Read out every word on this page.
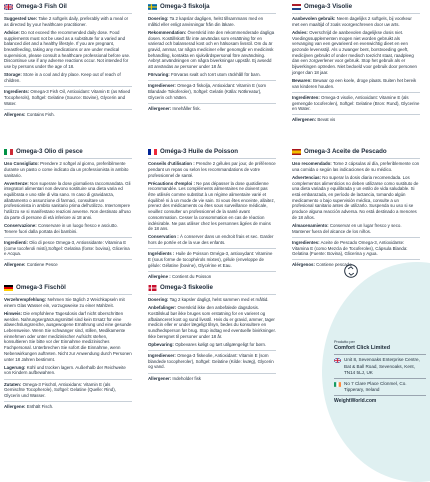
Omega-3 Fish Oil
Suggested Use: Take 2 softgels daily, preferably with a meal or as directed by your healthcare practitioner.
Advice: Do not exceed the recommended daily dose. Food supplements must not be used as a substitute for a varied and balanced diet and a healthy lifestyle. If you are pregnant, breastfeeding, taking any medications or are under medical supervision, please consult a healthcare professional before use. Discontinue use if any adverse reactions occur. Not intended for use by persons under the age of 18.
Storage: Store in a cool and dry place. Keep out of reach of children.
Ingredients: Omega-3 Fish Oil, Antioxidant: Vitamin E (as Mixed Tocopherols), Softgel: Gelatine (Source: Bovine), Glycerin and Water.
Allergens: Contains Fish.
Omega-3 fiskolja
Dosering: Ta 2 kapslar dagligen, helst tillsammans med en måltid eller enligt anvisningar från din läkare.
Rekommendation: Överskrid inte den rekommenderade dagliga dosen. Kosttillskott får inte användas som ersättning för en varierad och balanserad kost och en hälsosam livsstil. Om du är gravid, ammar, tar några mediciner eller genomgår en medicinsk behandling, kontakta en sjukvårdspersonal före användning. Avbryt användningen om några biverkningar uppstår. Ej avsedd att användas av personer under 18 år.
Förvaring: Förvaras svalt och torrt utom räckhåll för barn.
Ingredienser: Omega-3 fiskolja, Antioxidant: Vitamin E (som Blandade Tokoferoler), Softgel: Gelatin (Källa: Nötkreatur), Glycerin och Vatten.
Allergener: Innehåller fisk.
Omega-3 Visolie
Aanbevolen gebruik: Neem dagelijks 2 softgels, bij voorkeur met een maaltijd of zoals voorgeschreven door uw arts.
Advies: Overschrijd de aanbevolen dagelijkse dosis niet. Voedingssupplementen mogen niet worden gebruikt als vervanging van een gevarieerd en evenwichtig dieet en een gezonde levensstijl. Als u zwanger bent, borstvoeding geeft, medicijnen gebruikt of onder medisch toezicht staat, raadpleeg dan een zorgverlener voor gebruik. Stop het gebruik als er bijwerkingen optreden. Niet bedoeld voor gebruik door personen jonger dan 18 jaar.
Bewaren: Bewaar op een koele, droge plaats. Buiten het bereik van kinderen houden.
Ingrediënten: Omega-3 visolie, Antioxidant: Vitamine E (als gemengde tocoferolen), Softgel: Gelatine (Bron: Rund), Glycerine en Water.
Allergenen: Bevat vis
Omega-3 Olio di pesce
Uso Consigliato: Prendere 2 softgel al giorno, preferibilmente durante un pasto o come indicato da un professionista in ambito sanitario.
Avvertenze: Non superare la dose giornaliera raccomandata. Gli integratori alimentari non devono sostituire una dieta varia ed equilibrata e uno stile di vita sano. In caso di gravidanza, allattamento o assunzione di farmaci, consultare un professionista in ambito sanitario prima dell'utilizzo. Interrompere l'utilizzo se si manifestano reazioni avverse. Non destinato all'uso da parte di persone di età inferiore ai 18 anni.
Conservazione: Conservare in un luogo fresco e asciutto. Tenere fuori dalla portata dei bambini.
Ingredienti: Olio di pesce Omega-3, Antiossidante: Vitamina E (come tocoferoli misti),Softgel: Gelatina (fonte: bovina), Glicerina e Acqua.
Allergene: Contiene Pesce
Oméga-3 Huile de Poisson
Conseils d'utilisation : Prendre 2 gélules par jour, de préférence pendant un repas ou selon les recommandations de votre professionnel de santé.
Précautions d'emploi : Ne pas dépasser la dose quotidienne recommandée. Les compléments alimentaires ne doivent pas être utilisés comme substitut à un régime alimentaire varié et équilibré ni à un mode de vie sain. Si vous êtes enceinte, allaitez, prenez des médicaments ou êtes sous surveillance médicale, veuillez consulter un professionnel de la santé avant consommation. Cesser la consommation en cas de réaction indésirable. Ne pas utiliser chez les personnes âgées de moins de 18 ans.
Conservation : À conserver dans un endroit frais et sec. Garder hors de portée et de la vue des enfants.
Ingrédients : Huile de Poisson Oméga-3, antioxydant: Vitamine E (sous forme de tocophérols mixtes), gélule (enveloppe de gélule: Gélatine (bovine), Glycérine et Eau.
Allergène : Contient du Poisson
Omega-3 Aceite de Pescado
Uso recomendado: Tome 2 cápsulas al día, preferiblemente con una comida o según las indicaciones de su médico.
Advertencias: No superar la dosis diaria recomendada. Los complementos alimenticios no deben utilizarse como sustituto de una dieta variada y equilibrada y un estilo de vida saludable. Si está embarazada, en período de lactancia, tomando algún medicamento o bajo supervisión médica, consulte a un profesional sanitario antes de utilizarlo. Suspenda su uso si se produce alguna reacción adversa. No está destinado a menores de 18 años.
Almacenamiento: Conservar en un lugar fresco y seco. Mantener fuera del alcance de los niños.
Ingredientes: Aceite de Pescado Omega-3, Antioxidante: Vitamina E (como Mezcla de Tocoferoles), Cápsula Blanda: Gelatina (Fuente: Bovina), Glicerina y Agua.
Alérgenos: Contiene pescado
Omega-3 Fischöl
Verzehrempfehlung: Nehmen Sie täglich 2 Weichkapseln mit einem Glas Wasser ein, vorzugsweise zu einer Mahlzeit.
Hinweis: Die empfohlene Tagesdosis darf nicht überschritten werden. Nahrungsergänzungsmittel sind kein Ersatz für eine abwechslungsreiche, ausgewogene Ernährung und eine gesunde Lebensweise. Wenn Sie schwanger sind, stillen, Medikamente einnehmen oder unter medizinischer Aufsicht stehen, konsultieren Sie bitte vor der Einnahme medizinisches Fachpersonal. Unterbrechen Sie sofort die Einnahme, wenn Nebenwirkungen auftreten. Nicht zur Anwendung durch Personen unter 18 Jahren bestimmt.
Lagerung: Kühl und trocken lagern. Außerhalb der Reichweite von Kindern aufbewahren.
Zutaten: Omega-3 Fischöl, Antioxidans: Vitamin E (als Gemischte Tocopherole), Softgel: Gelatine (Quelle: Rind), Glycerin und Wasser.
Allergene: Enthält Fisch.
Omega-3 fiskeolie
Dosering: Tag 2 kapsler dagligt, helst sammen med et måltid.
Anbefalinger: Overskrid ikke den anbefalede dagsdosis. Kosttilskud bør ikke bruges som erstatning for en varieret og afbalanceret kost og sund livsstil. Hvis du er gravid, ammer, tager medicin eller er under lægeligt tilsyn, bedes du konsultere en sundhedsperson før brug. Stop indtag ved eventuelle bivirkninger. Ikke beregnet til personer under 18 år.
Opbevaring: Opbevares køligt og tørt utilgængeligt for børn.
Ingredienser: Omega-3 fiskeolie, Antioxidant: Vitamin E (som blandede tocopheroler), Softgel: Gelatine (Kilde: kvæg), Glycerin og vand.
Allergener: Indeholder fisk
Produtto per
Comfort Click Limited
Unit 8, Sevenoaks Enterprise Centre, Bat & Ball Road, Sevenoaks, Kent, TN14 5LJ, UK
No 7 Clare Place Clonmel, Co. Tipperary, Ireland
WeightWorld.com
